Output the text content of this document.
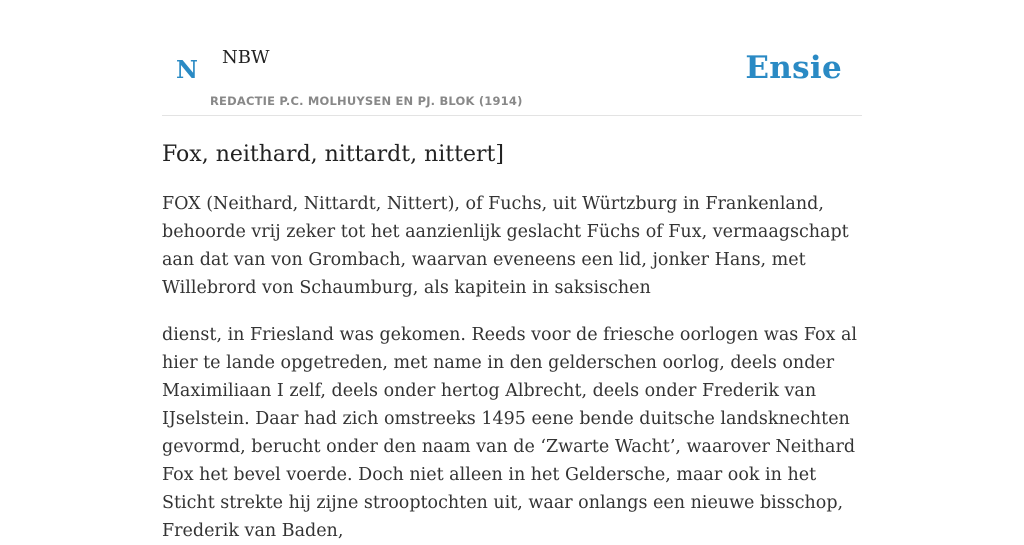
N NBW	Ensie
REDACTIE P.C. MOLHUYSEN EN PJ. BLOK (1914)
Fox, neithard, nittardt, nittert]

FOX (Neithard, Nittardt, Nittert), of Fuchs, uit Würtzburg in Frankenland, behoorde vrij zeker tot het aanzienlijk geslacht Füchs of Fux, vermaagschapt aan dat van von Grombach, waarvan eveneens een lid, jonker Hans, met Willebrord von Schaumburg, als kapitein in saksischen

dienst, in Friesland was gekomen. Reeds voor de friesche oorlogen was Fox al hier te lande opgetreden, met name in den gelderschen oorlog, deels onder Maximiliaan I zelf, deels onder hertog Albrecht, deels onder Frederik van IJselstein. Daar had zich omstreeks 1495 eene bende duitsche landsknechten gevormd, berucht onder den naam van de ‘Zwarte Wacht’, waarover Neithard Fox het bevel voerde. Doch niet alleen in het Geldersche, maar ook in het Sticht strekte hij zijne strooptochten uit, waar onlangs een nieuwe bisschop, Frederik van Baden,
